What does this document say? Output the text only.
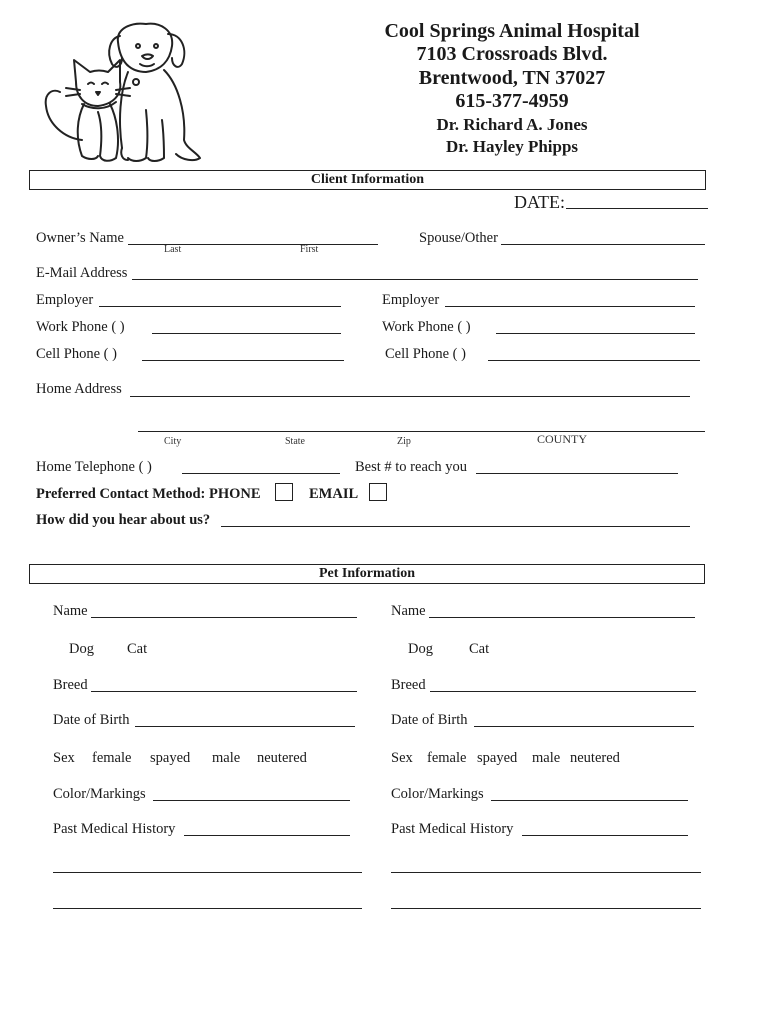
Cool Springs Animal Hospital
7103 Crossroads Blvd.
Brentwood, TN 37027
615-377-4959
Dr. Richard A. Jones
Dr. Hayley Phipps
Client Information
DATE:
Owner’s Name
Last	First
Spouse/Other
E-Mail Address
Employer	Employer
Work Phone ( )	Work Phone ( )
Cell Phone ( )	Cell Phone ( )
Home Address
City	State	Zip	COUNTY
Home Telephone ( )	Best # to reach you
Preferred Contact Method: PHONE	EMAIL
How did you hear about us?
Pet Information
Name
Dog Cat
Breed
Date of Birth
Sex female spayed male neutered
Color/Markings
Past Medical History
Name
Dog Cat
Breed
Date of Birth
Sex female spayed male neutered
Color/Markings
Past Medical History
